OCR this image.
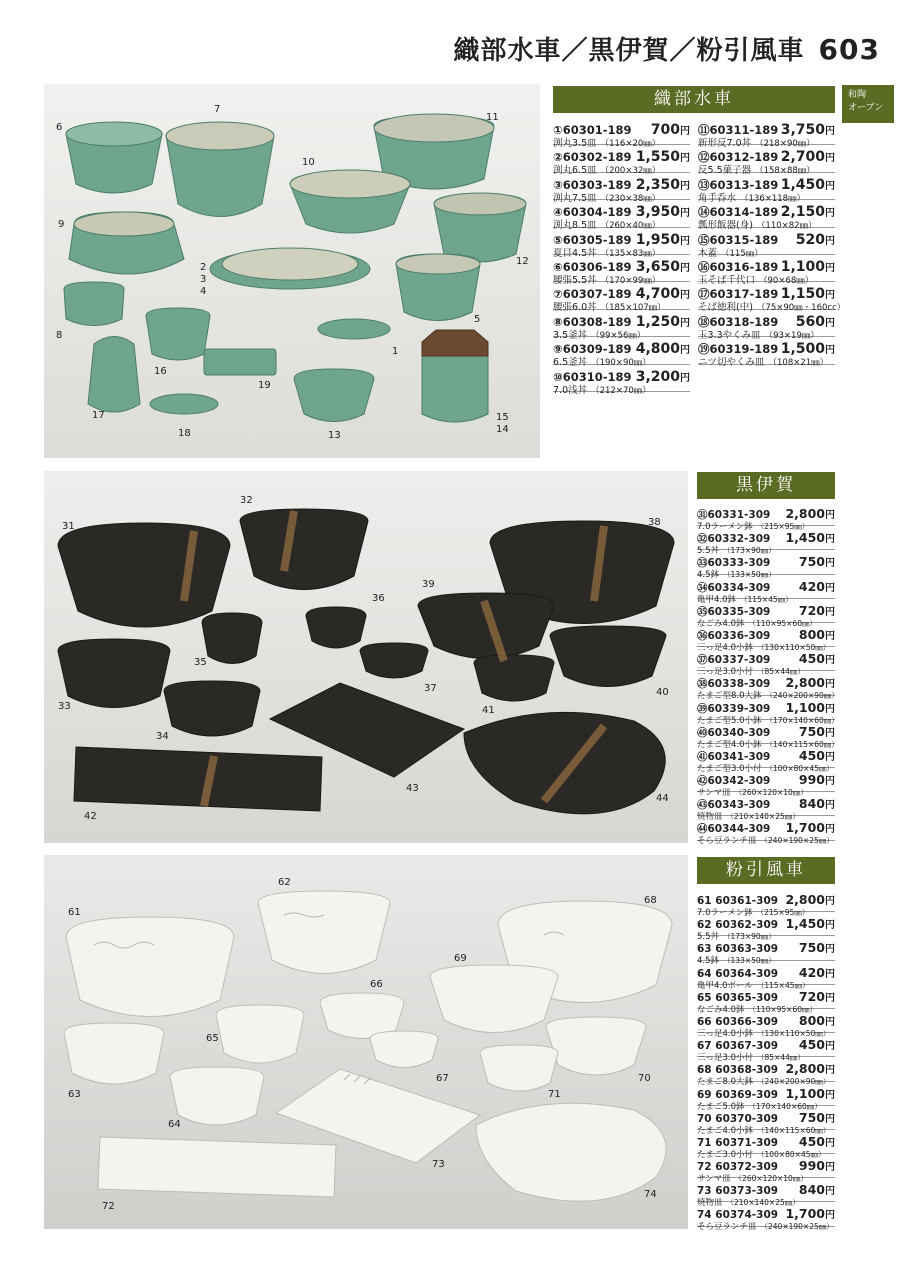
織部水車／黒伊賀／粉引風車 603
和陶
オーブン
6
7
11
10
9
12
2
3
4
5
8
1
16
19
17
18	13
15
14
32
31	38
39
36
35
37
33
40
41
34
43
44
42
62
61
68
69
66
65
67
63
70
71
64
73
74
72
織部水車
黒伊賀
粉引風車
①60301-189 700円
渕丸3.5皿 （116×20㎜）
②60302-189 1,550円
渕丸6.5皿 （200×32㎜）
③60303-189 2,350円
渕丸7.5皿 （230×38㎜）
④60304-189 3,950円
渕丸8.5皿 （260×40㎜）
⑤60305-189 1,950円
夏目4.5丼 （135×83㎜）
⑥60306-189 3,650円
腰張5.5丼 （170×99㎜）
⑦60307-189 4,700円
腰張6.0丼 （185×107㎜）
⑧60308-189 1,250円
3.5釜丼 （99×56㎜）
⑨60309-189 4,800円
6.5釜丼 （190×90㎜）
⑩60310-189 3,200円
7.0浅丼 （212×70㎜）
⑪60311-189 3,750円
新形反7.0丼 （218×90㎜）
⑫60312-189 2,700円
反5.5菓子器 （158×88㎜）
⑬60313-189 1,450円
角手呑水 （136×118㎜）
⑭60314-189 2,150円
瓢形飯器(身) （110×82㎜）
⑮60315-189 520円
木蓋 （115㎜）
⑯60316-189 1,100円
玉そば千代口 （90×68㎜）
⑰60317-189 1,150円
そば徳利(中) （75×90㎜・160cc）
⑱60318-189 560円
玉3.3やくみ皿 （93×19㎜）
⑲60319-189 1,500円
ニツ切やくみ皿 （108×21㎜）
㉛60331-309 2,800円
7.0ラーメン鉢 （215×95㎜）
㉜60332-309 1,450円
5.5丼 （173×90㎜）
㉝60333-309 750円
4.5鉢 （133×50㎜）
㉞60334-309 420円
亀甲4.0鉢 （115×45㎜）
㉟60335-309 720円
なごみ4.0鉢 （110×95×60㎜）
㊱60336-309 800円
三っ足4.0小鉢 （130×110×50㎜）
㊲60337-309 450円
三っ足3.0小付 （85×44㎜）
㊳60338-309 2,800円
たまご型8.0大鉢 （240×200×90㎜）
㊴60339-309 1,100円
たまご型5.0小鉢 （170×140×60㎜）
㊵60340-309 750円
たまご型4.0小鉢 （140×115×60㎜）
㊶60341-309 450円
たまご型3.0小付 （100×80×45㎜）
㊷60342-309 990円
サンマ皿 （260×120×10㎜）
㊸60343-309 840円
焼物皿 （210×140×25㎜）
㊹60344-309 1,700円
そら豆ランチ皿 （240×190×25㎜）
61 60361-309 2,800円
7.0ラーメン鉢 （215×95㎜）
62 60362-309 1,450円
5.5丼 （173×90㎜）
63 60363-309 750円
4.5鉢 （133×50㎜）
64 60364-309 420円
亀甲4.0ボール （115×45㎜）
65 60365-309 720円
なごみ4.0鉢 （110×95×60㎜）
66 60366-309 800円
三っ足4.0小鉢 （130×110×50㎜）
67 60367-309 450円
三っ足3.0小付 （85×44㎜）
68 60368-309 2,800円
たまご8.0大鉢 （240×200×90㎜）
69 60369-309 1,100円
たまご5.0鉢 （170×140×60㎜）
70 60370-309 750円
たまご4.0小鉢 （140×115×60㎜）
71 60371-309 450円
たまご3.0小付 （100×80×45㎜）
72 60372-309 990円
サンマ皿 （260×120×10㎜）
73 60373-309 840円
焼物皿 （210×140×25㎜）
74 60374-309 1,700円
そら豆ランチ皿 （240×190×25㎜）
